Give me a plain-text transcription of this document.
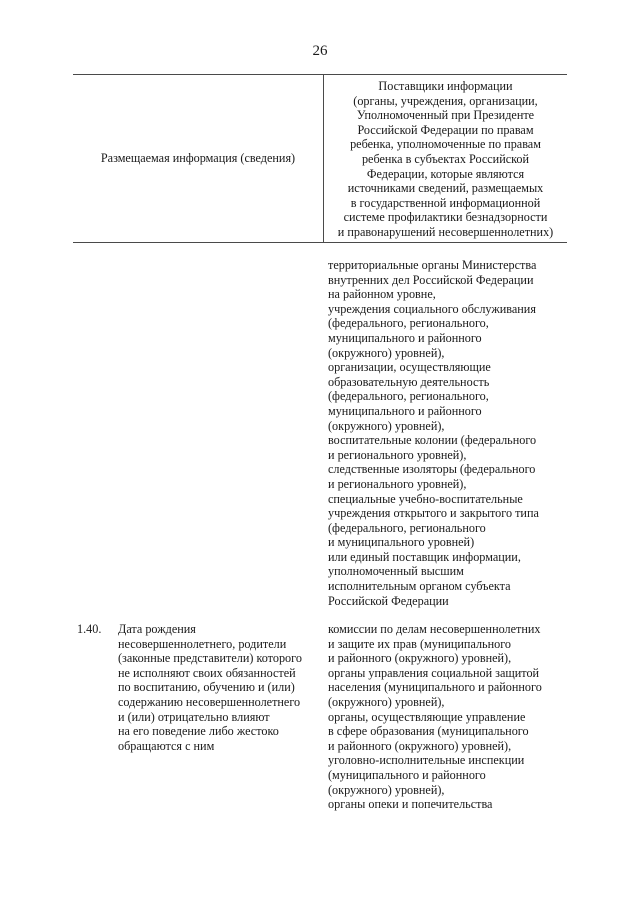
26
Размещаемая информация (сведения)
Поставщики информации
(органы, учреждения, организации,
Уполномоченный при Президенте
Российской Федерации по правам
ребенка, уполномоченные по правам
ребенка в субъектах Российской
Федерации, которые являются
источниками сведений, размещаемых
в государственной информационной
системе профилактики безнадзорности
и правонарушений несовершеннолетних)
территориальные органы Министерства
внутренних дел Российской Федерации
на районном уровне,
учреждения социального обслуживания
(федерального, регионального,
муниципального и районного
(окружного) уровней),
организации, осуществляющие
образовательную деятельность
(федерального, регионального,
муниципального и районного
(окружного) уровней),
воспитательные колонии (федерального
и регионального уровней),
следственные изоляторы (федерального
и регионального уровней),
специальные учебно-воспитательные
учреждения открытого и закрытого типа
(федерального, регионального
и муниципального уровней)
или единый поставщик информации,
уполномоченный высшим
исполнительным органом субъекта
Российской Федерации
1.40. Дата рождения
несовершеннолетнего, родители
(законные представители) которого
не исполняют своих обязанностей
по воспитанию, обучению и (или)
содержанию несовершеннолетнего
и (или) отрицательно влияют
на его поведение либо жестоко
обращаются с ним
комиссии по делам несовершеннолетних
и защите их прав (муниципального
и районного (окружного) уровней),
органы управления социальной защитой
населения (муниципального и районного
(окружного) уровней),
органы, осуществляющие управление
в сфере образования (муниципального
и районного (окружного) уровней),
уголовно-исполнительные инспекции
(муниципального и районного
(окружного) уровней),
органы опеки и попечительства
